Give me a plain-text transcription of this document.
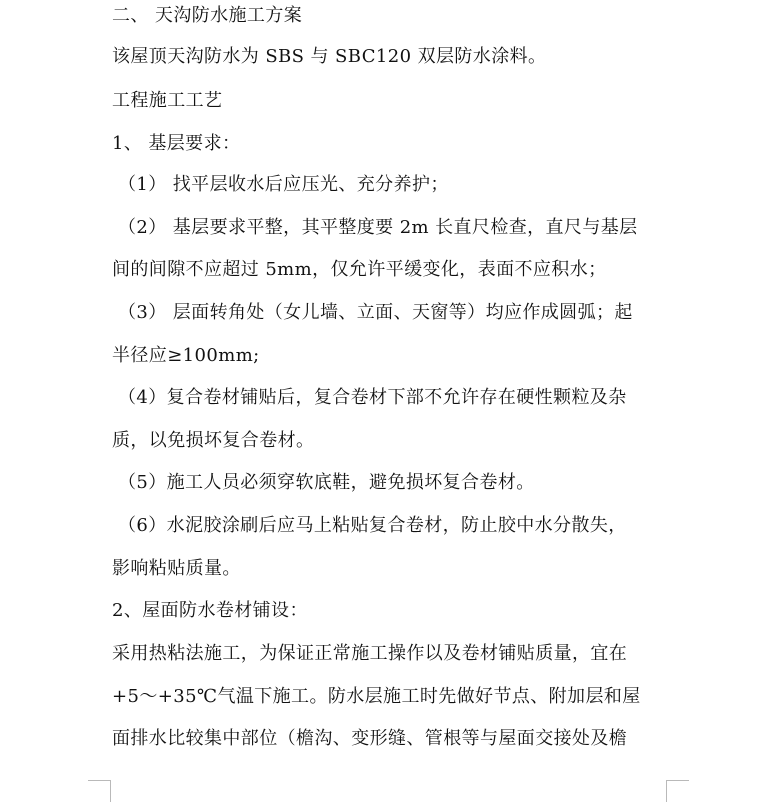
二、 天沟防水施工方案
该屋顶天沟防水为 SBS 与 SBC120 双层防水涂料。
工程施工工艺
1、 基层要求：
（1） 找平层收水后应压光、充分养护；
（2） 基层要求平整，其平整度要 2m 长直尺检查，直尺与基层
间的间隙不应超过 5mm，仅允许平缓变化，表面不应积水；
（3） 层面转角处（女儿墙、立面、天窗等）均应作成圆弧；起
半径应≥100mm;
（4）复合卷材铺贴后，复合卷材下部不允许存在硬性颗粒及杂
质，以免损坏复合卷材。
（5）施工人员必须穿软底鞋，避免损坏复合卷材。
（6）水泥胶涂刷后应马上粘贴复合卷材，防止胶中水分散失，
影响粘贴质量。
2、屋面防水卷材铺设：
采用热粘法施工，为保证正常施工操作以及卷材铺贴质量，宜在
+5～+35℃气温下施工。防水层施工时先做好节点、附加层和屋
面排水比较集中部位（檐沟、变形缝、管根等与屋面交接处及檐
